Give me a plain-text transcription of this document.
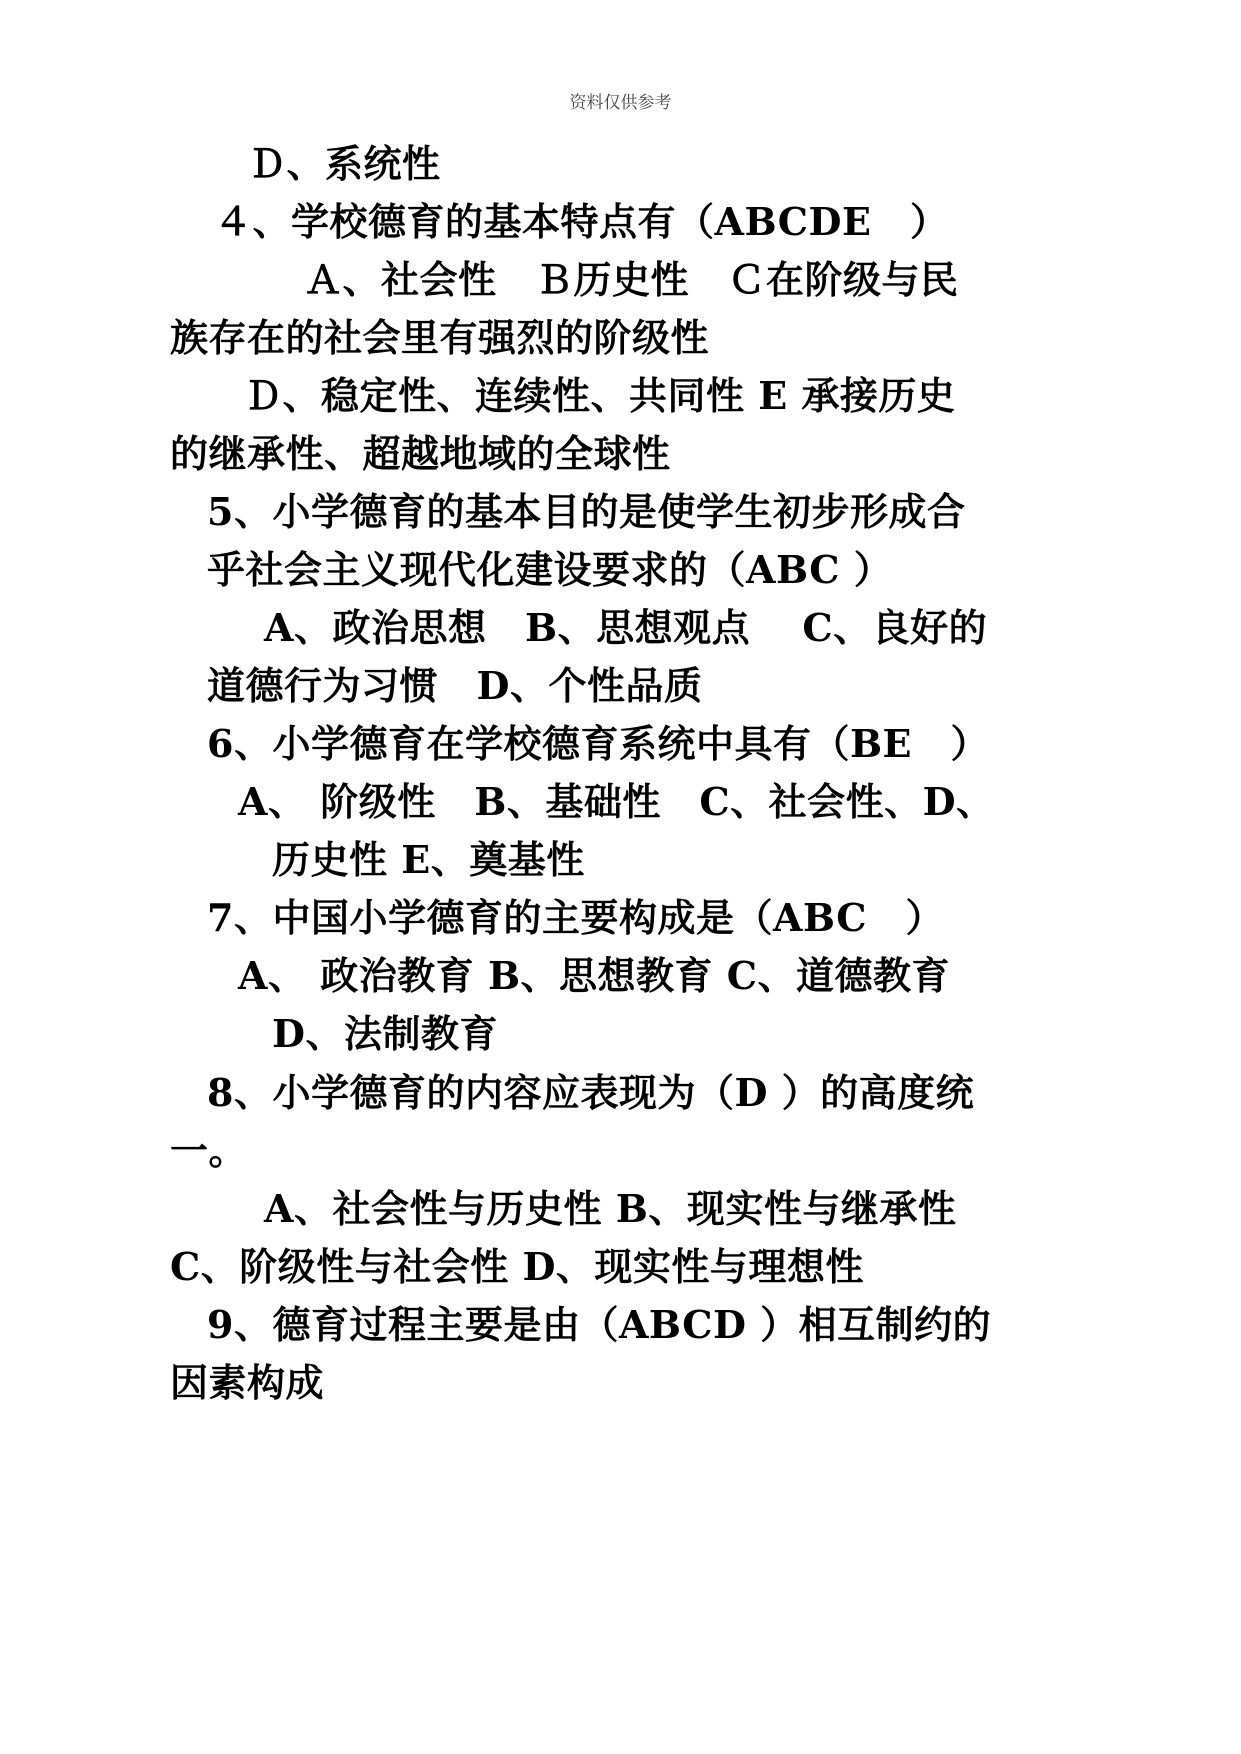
资料仅供参考
Ｄ、系统性
４、学校德育的基本特点有（ABCDE　）
Ａ、社会性　Ｂ历史性　Ｃ在阶级与民
族存在的社会里有强烈的阶级性
Ｄ、稳定性、连续性、共同性 E 承接历史
的继承性、超越地域的全球性
5、小学德育的基本目的是使学生初步形成合
乎社会主义现代化建设要求的（ABC ）
A、政治思想　B、思想观点　 C、良好的
道德行为习惯　D、个性品质
6、小学德育在学校德育系统中具有（BE　）
A、 阶级性　B、基础性　C、社会性、D、
历史性 E、奠基性
7、中国小学德育的主要构成是（ABC　）
A、 政治教育 B、思想教育 C、道德教育
D、法制教育
8、小学德育的内容应表现为（D ）的高度统
一。
A、社会性与历史性 B、现实性与继承性
C、阶级性与社会性 D、现实性与理想性
9、德育过程主要是由（ABCD ）相互制约的
因素构成
